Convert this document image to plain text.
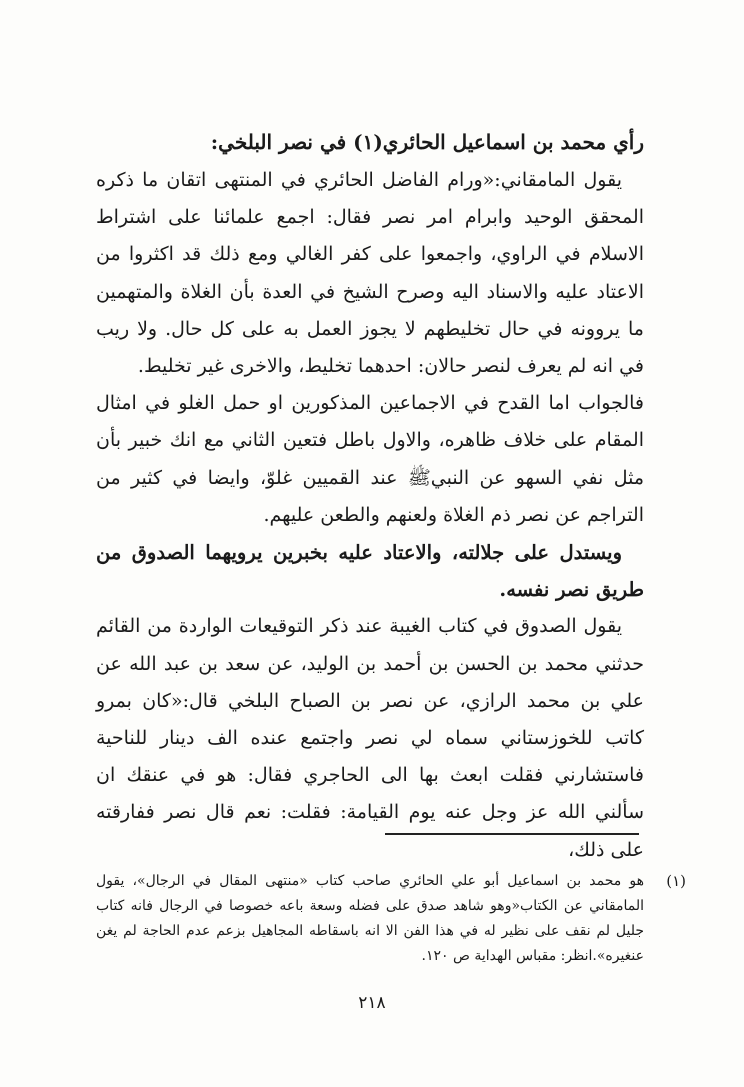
رأي محمد بن اسماعيل الحائري(١) في نصر البلخي:

يقول المامقاني:«ورام الفاضل الحائري في المنتهى اتقان ما ذكره المحقق الوحيد وابرام امر نصر فقال: اجمع علمائنا على اشتراط الاسلام في الراوي، واجمعوا على كفر الغالي ومع ذلك قد اكثروا من الاعتاد عليه والاسناد اليه وصرح الشيخ في العدة بأن الغلاة والمتهمين ما يروونه في حال تخليطهم لا يجوز العمل به على كل حال. ولا ريب في انه لم يعرف لنصر حالان: احدهما تخليط، والاخرى غير تخليط.

فالجواب اما القدح في الاجماعين المذكورين او حمل الغلو في امثال المقام على خلاف ظاهره، والاول باطل فتعين الثاني مع انك خبير بأن مثل نفي السهو عن النبيﷺ عند القميين غلوّ، وايضا في كثير من التراجم عن نصر ذم الغلاة ولعنهم والطعن عليهم.

ويستدل على جلالته، والاعتاد عليه بخبرين يرويهما الصدوق من طريق نصر نفسه.

يقول الصدوق في كتاب الغيبة عند ذكر التوقيعات الواردة من القائم حدثني محمد بن الحسن بن أحمد بن الوليد، عن سعد بن عبد الله عن علي بن محمد الرازي، عن نصر بن الصباح البلخي قال:«كان بمرو كاتب للخوزستاني سماه لي نصر واجتمع عنده الف دينار للناحية فاستشارني فقلت ابعث بها الى الحاجري فقال: هو في عنقك ان سألني الله عز وجل عنه يوم القيامة: فقلت: نعم قال نصر ففارقته على ذلك،

(١)
هو محمد بن اسماعيل أبو علي الحائري صاحب كتاب «منتهى المقال في الرجال»، يقول المامقاني عن الكتاب«وهو شاهد صدق على فضله وسعة باعه خصوصا في الرجال فانه كتاب جليل لم نقف على نظير له في هذا الفن الا انه باسقاطه المجاهيل بزعم عدم الحاجة لم يغن عنغيره».انظر: مقباس الهداية ص ١٢٠.
٢١٨
